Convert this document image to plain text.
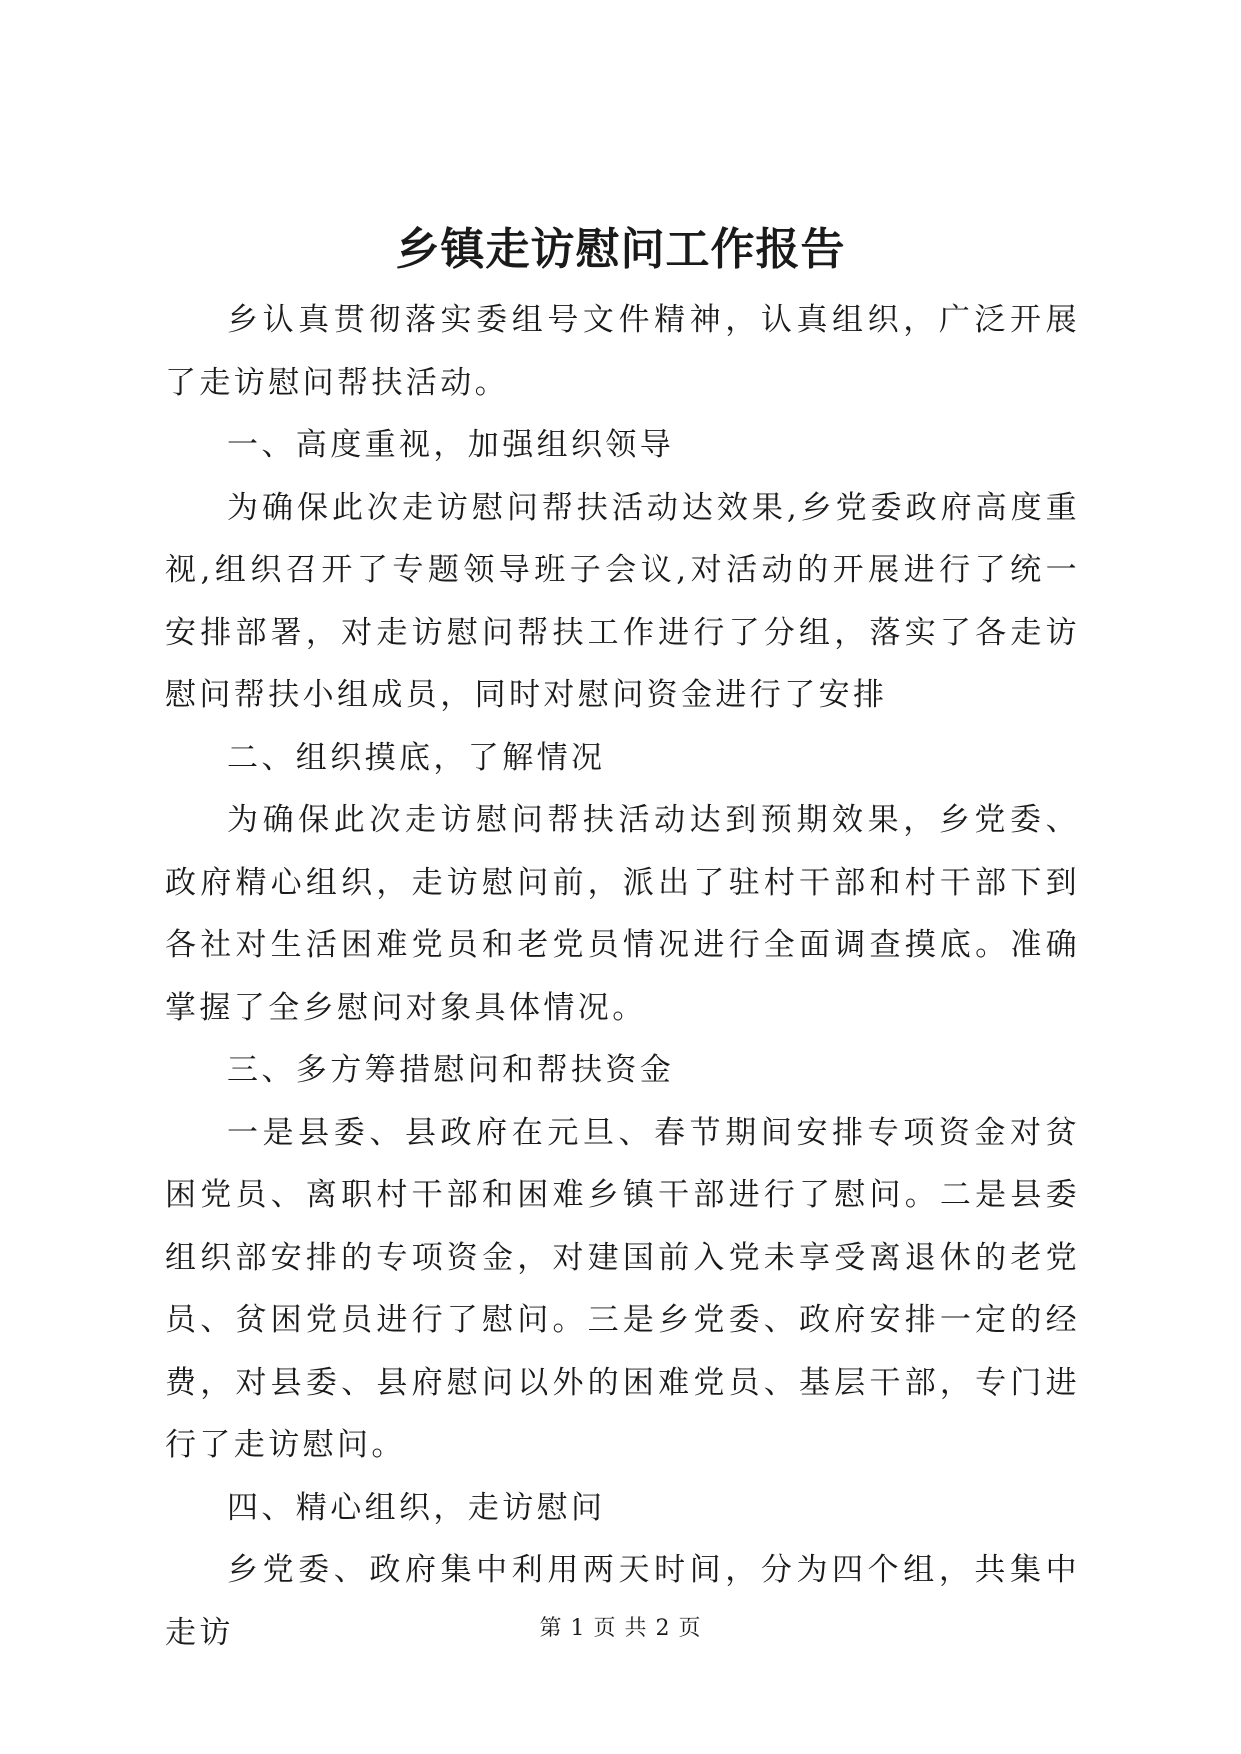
乡镇走访慰问工作报告

乡认真贯彻落实委组号文件精神，认真组织，广泛开展了走访慰问帮扶活动。

一、高度重视，加强组织领导

为确保此次走访慰问帮扶活动达效果,乡党委政府高度重视,组织召开了专题领导班子会议,对活动的开展进行了统一安排部署，对走访慰问帮扶工作进行了分组，落实了各走访慰问帮扶小组成员，同时对慰问资金进行了安排

二、组织摸底，了解情况

为确保此次走访慰问帮扶活动达到预期效果，乡党委、政府精心组织，走访慰问前，派出了驻村干部和村干部下到各社对生活困难党员和老党员情况进行全面调查摸底。准确掌握了全乡慰问对象具体情况。

三、多方筹措慰问和帮扶资金

一是县委、县政府在元旦、春节期间安排专项资金对贫困党员、离职村干部和困难乡镇干部进行了慰问。二是县委组织部安排的专项资金，对建国前入党未享受离退休的老党员、贫困党员进行了慰问。三是乡党委、政府安排一定的经费，对县委、县府慰问以外的困难党员、基层干部，专门进行了走访慰问。

四、精心组织，走访慰问

乡党委、政府集中利用两天时间，分为四个组，共集中走访	第 1 页 共 2 页
